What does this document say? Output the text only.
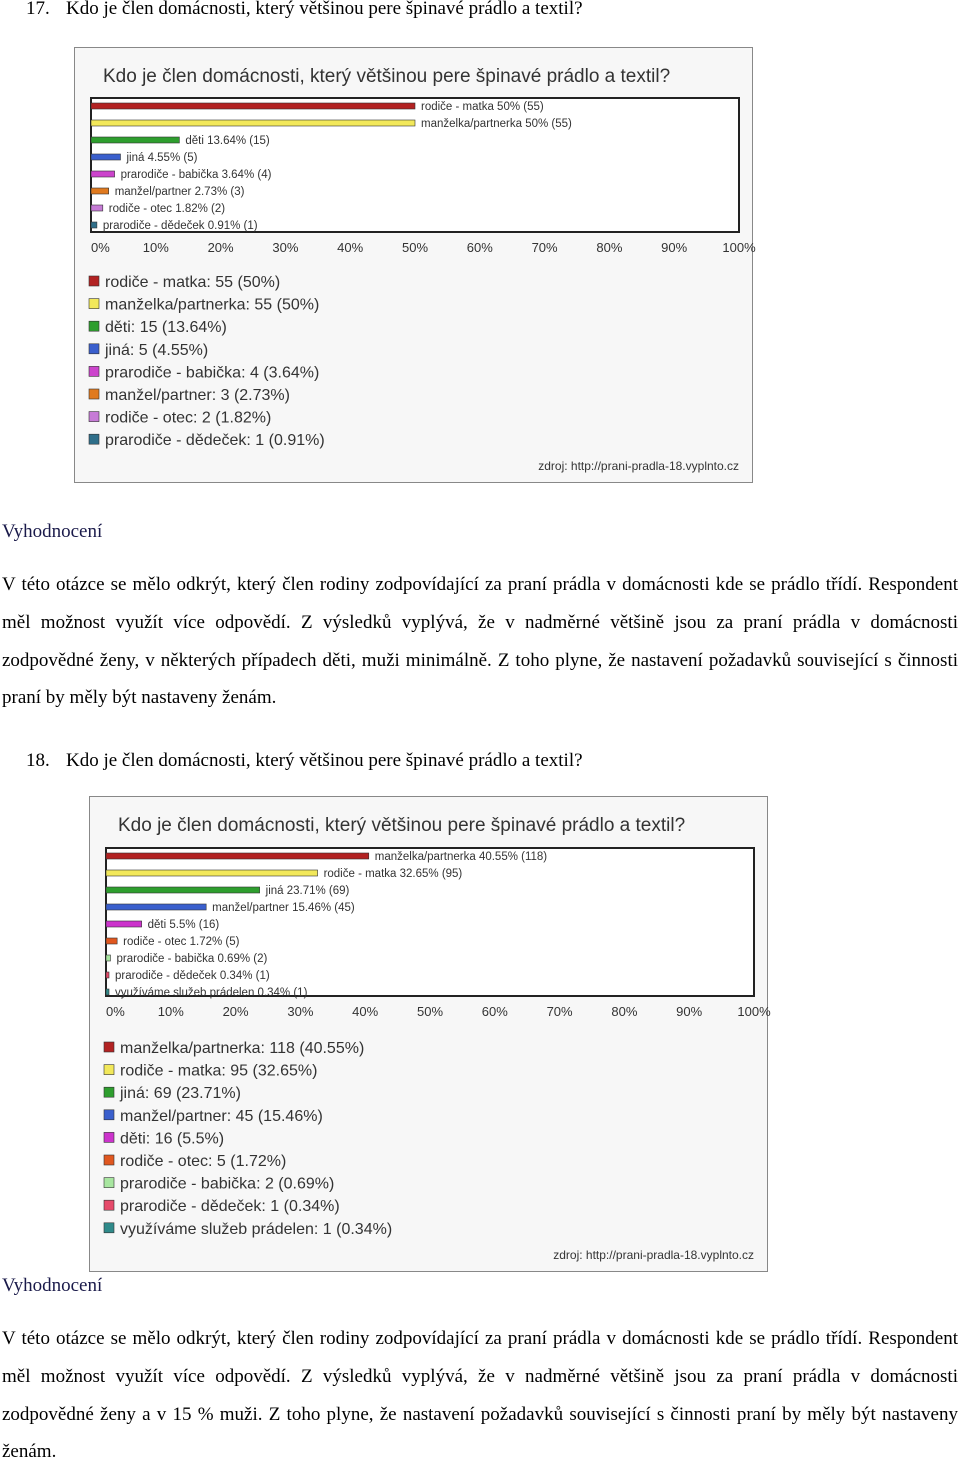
17. Kdo je člen domácnosti, který většinou pere špinavé prádlo a textil?
Kdo je člen domácnosti, který většinou pere špinavé prádlo a textil?
rodiče - matka 50% (55)
manželka/partnerka 50% (55)
děti 13.64% (15)
jiná 4.55% (5)
prarodiče - babička 3.64% (4)
manžel/partner 2.73% (3)
rodiče - otec 1.82% (2)
prarodiče - dědeček 0.91% (1)
0%	10%	20%	30%	40%	50%	60%	70%	80%	90%	100%
rodiče - matka: 55 (50%)
manželka/partnerka: 55 (50%)
děti: 15 (13.64%)
jiná: 5 (4.55%)
prarodiče - babička: 4 (3.64%)
manžel/partner: 3 (2.73%)
rodiče - otec: 2 (1.82%)
prarodiče - dědeček: 1 (0.91%)
zdroj: http://prani-pradla-18.vyplnto.cz
Vyhodnocení
V této otázce se mělo odkrýt, který člen rodiny zodpovídající za praní prádla v domácnosti kde se prádlo třídí. Respondent měl možnost využít více odpovědí. Z výsledků vyplývá, že v nadměrné většině jsou za praní prádla v domácnosti zodpovědné ženy, v některých případech děti, muži minimálně. Z toho plyne, že nastavení požadavků související s činnosti praní by měly být nastaveny ženám.
18. Kdo je člen domácnosti, který většinou pere špinavé prádlo a textil?
Kdo je člen domácnosti, který většinou pere špinavé prádlo a textil?
manželka/partnerka 40.55% (118)
rodiče - matka 32.65% (95)
jiná 23.71% (69)
manžel/partner 15.46% (45)
děti 5.5% (16)
rodiče - otec 1.72% (5)
prarodiče - babička 0.69% (2)
prarodiče - dědeček 0.34% (1)
využíváme služeb prádelen 0.34% (1)
0%	10%	20%	30%	40%	50%	60%	70%	80%	90%	100%
manželka/partnerka: 118 (40.55%)
rodiče - matka: 95 (32.65%)
jiná: 69 (23.71%)
manžel/partner: 45 (15.46%)
děti: 16 (5.5%)
rodiče - otec: 5 (1.72%)
prarodiče - babička: 2 (0.69%)
prarodiče - dědeček: 1 (0.34%)
využíváme služeb prádelen: 1 (0.34%)
zdroj: http://prani-pradla-18.vyplnto.cz
Vyhodnocení
V této otázce se mělo odkrýt, který člen rodiny zodpovídající za praní prádla v domácnosti kde se prádlo třídí. Respondent měl možnost využít více odpovědí. Z výsledků vyplývá, že v nadměrné většině jsou za praní prádla v domácnosti zodpovědné ženy a v 15 % muži. Z toho plyne, že nastavení požadavků související s činnosti praní by měly být nastaveny ženám.
